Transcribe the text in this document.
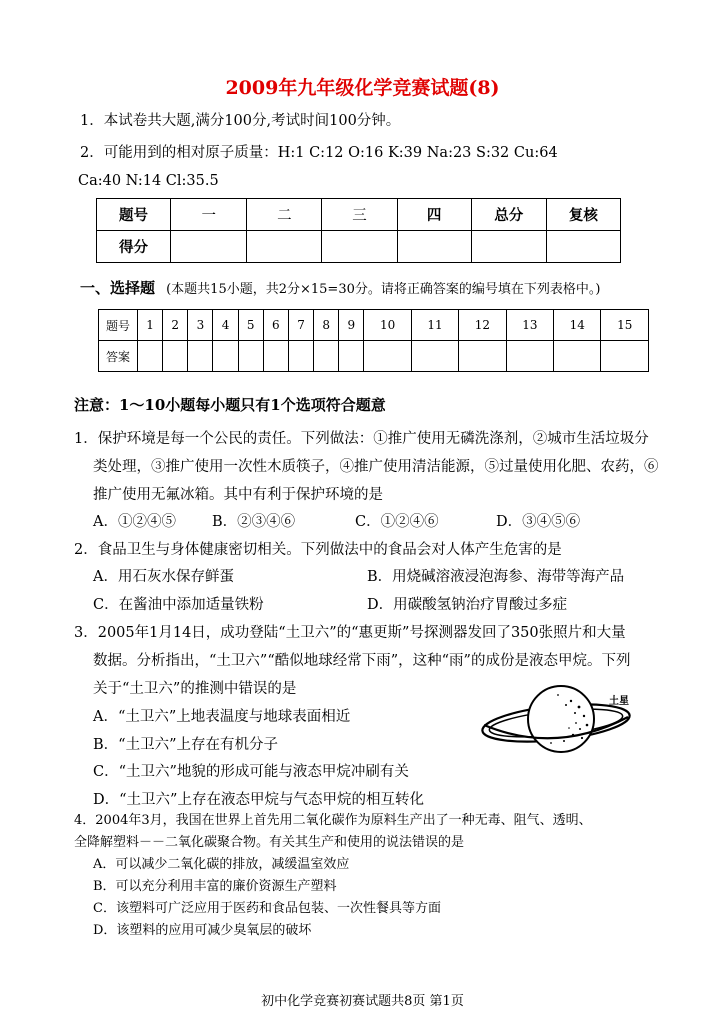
2009年九年级化学竞赛试题(8)
1．本试卷共大题,满分100分,考试时间100分钟。
2．可能用到的相对原子质量：H:1 C:12 O:16 K:39 Na:23 S:32 Cu:64
Ca:40 N:14 Cl:35.5
题号	一	二	三	四	总分	复核
得分						
一、选择题 (本题共15小题，共2分×15=30分。请将正确答案的编号填在下列表格中。)
题号	1	2	3	4	5	6	7	8	9	10	11	12	13	14	15
答案															
注意：1～10小题每小题只有1个选项符合题意
1．保护环境是每一个公民的责任。下列做法：①推广使用无磷洗涤剂，②城市生活垃圾分
类处理，③推广使用一次性木质筷子，④推广使用清洁能源，⑤过量使用化肥、农药，⑥
推广使用无氟冰箱。其中有利于保护环境的是
A．①②④⑤ B．②③④⑥	C．①②④⑥	D．③④⑤⑥
2．食品卫生与身体健康密切相关。下列做法中的食品会对人体产生危害的是
A．用石灰水保存鲜蛋	B．用烧碱溶液浸泡海参、海带等海产品
C．在酱油中添加适量铁粉	D．用碳酸氢钠治疗胃酸过多症
3．2005年1月14日，成功登陆“土卫六”的“惠更斯”号探测器发回了350张照片和大量
数据。分析指出，“土卫六”“酷似地球经常下雨”，这种“雨”的成份是液态甲烷。下列
关于“土卫六”的推测中错误的是
A．“土卫六”上地表温度与地球表面相近
B．“土卫六”上存在有机分子
C．“土卫六”地貌的形成可能与液态甲烷冲刷有关
D．“土卫六”上存在液态甲烷与气态甲烷的相互转化
土星
4．2004年3月，我国在世界上首先用二氧化碳作为原料生产出了一种无毒、阻气、透明、
全降解塑料－－二氧化碳聚合物。有关其生产和使用的说法错误的是
A．可以减少二氧化碳的排放，减缓温室效应
B．可以充分利用丰富的廉价资源生产塑料
C．该塑料可广泛应用于医药和食品包装、一次性餐具等方面
D．该塑料的应用可减少臭氧层的破坏
初中化学竞赛初赛试题共8页 第1页
